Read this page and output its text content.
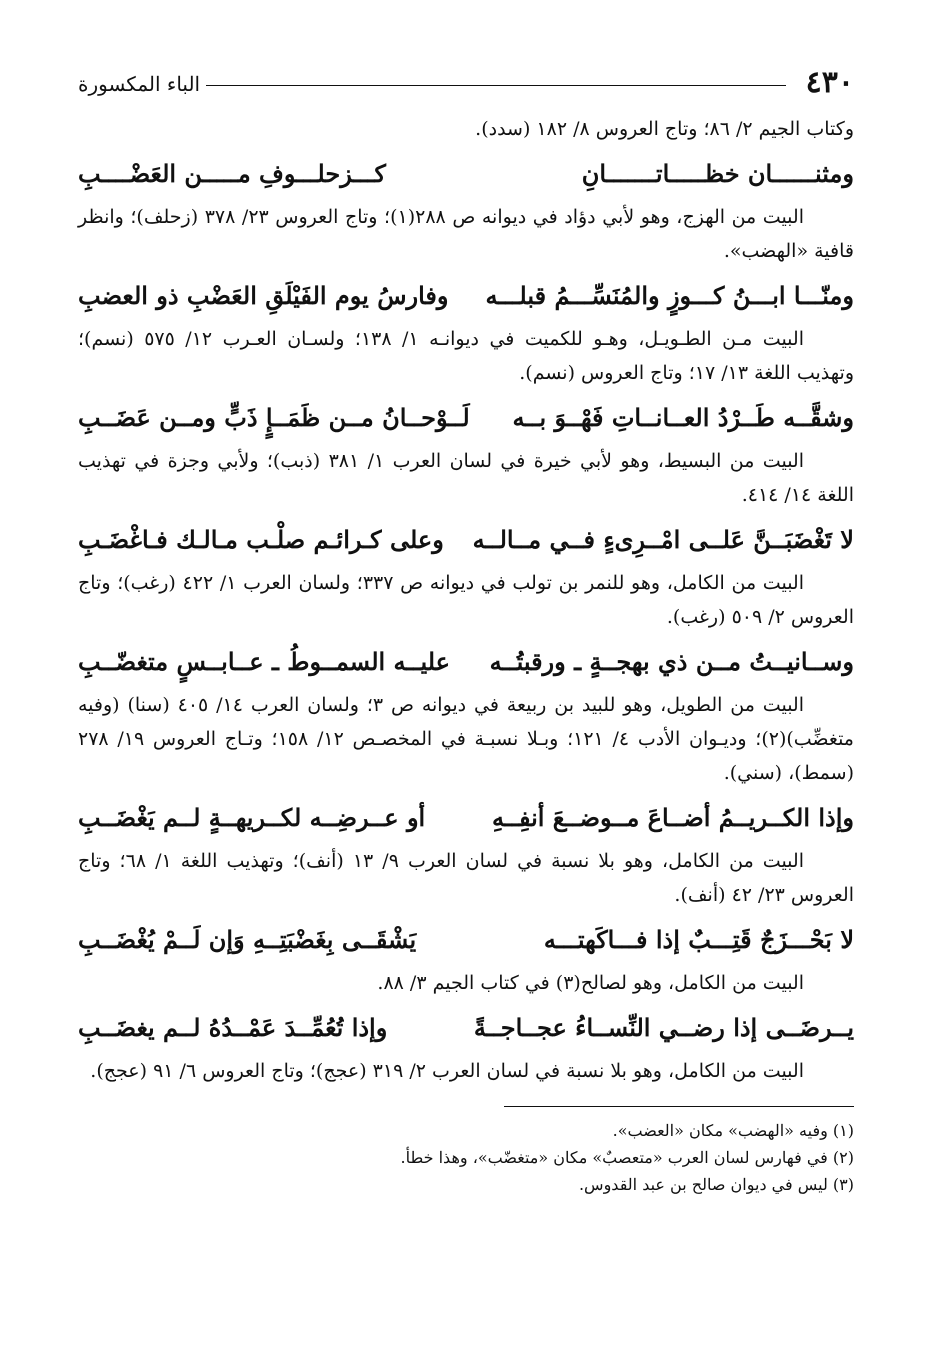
٤٣٠
الباء المكسورة

وكتاب الجيم ٢/ ٨٦؛ وتاج العروس ٨/ ١٨٢ (سدد).

ومثنــــــان خظـــــاتـــــــانِ
كـــزحلـــوفِ مـــــن العَضْــــبِ

البيت من الهزج، وهو لأبي دؤاد في ديوانه ص ٢٨٨(١)؛ وتاج العروس ٢٣/ ٣٧٨ (زحلف)؛ وانظر قافية «الهضب».

ومنّـــا ابـــنُ كـــوزٍ والمُنَسِّـــمُ قبلـــه
وفارسُ يوم الفَيْلَقِ العَضْبِ ذو العضبِ

البيت مـن الطـويـل، وهـو للكميت في ديوانـه ١/ ١٣٨؛ ولسـان العـرب ١٢/ ٥٧٥ (نسم)؛ وتهذيب اللغة ١٣/ ١٧؛ وتاج العروس (نسم).

وشقَّــه طَــرْدُ العــانــاتِ فَهْــوَ بــه
لَــوْحــانُ مــن ظَمَــإٍ ذَبٍّ ومــن عَضَــبِ

البيت من البسيط، وهو لأبي خيرة في لسان العرب ١/ ٣٨١ (ذبب)؛ ولأبي وجزة في تهذيب اللغة ١٤/ ٤١٤.

لا تَغْضَبَــنَّ عَلــى امْــرِىءٍ فــي مــالــه
وعلى كـرائـم صلْـب مـالـك فـاغْضَـبِ

البيت من الكامل، وهو للنمر بن تولب في ديوانه ص ٣٣٧؛ ولسان العرب ١/ ٤٢٢ (رغب)؛ وتاج العروس ٢/ ٥٠٩ (رغب).

وســانيــتُ مــن ذي بهجــةٍ ـ ورقبتُــه
عليــه السمــوطُ ـ عــابــسٍ متغضّــبِ

البيت من الطويل، وهو للبيد بن ربيعة في ديوانه ص ٣؛ ولسان العرب ١٤/ ٤٠٥ (سنا) (وفيه متغضِّب)(٢)؛ وديـوان الأدب ٤/ ١٢١؛ وبـلا نسبـة في المخصـص ١٢/ ١٥٨؛ وتـاج العروس ١٩/ ٢٧٨ (سمط)، (سني).

وإذا الكــريــمُ أضــاعَ مــوضــعَ أنفِــهِ
أو عــرضِــه لكــريهــةٍ لــم يَغْضَــبِ

البيت من الكامل، وهو بلا نسبة في لسان العرب ٩/ ١٣ (أنف)؛ وتهذيب اللغة ١/ ٦٨؛ وتاج العروس ٢٣/ ٤٢ (أنف).

لا بَحْـــزَجٌ قَتِـــبٌ إذا فـــاكَهتـــه
يَشْقَــى بِغَضْبَتِــهِ وَإن لَــمْ يُغْضَــبِ

البيت من الكامل، وهو لصالح(٣) في كتاب الجيم ٣/ ٨٨.

يــرضَــى إذا رضــي النِّســاءُ عجــاجــةً
وإذا تُعُمِّــدَ عَمْــدُهُ لــم يغضَــبِ

البيت من الكامل، وهو بلا نسبة في لسان العرب ٢/ ٣١٩ (عجج)؛ وتاج العروس ٦/ ٩١ (عجج).

(١) وفيه «الهضب» مكان «العضب».

(٢) في فهارس لسان العرب «متعصبٌ» مكان «متغضّب»، وهذا خطأ.

(٣) ليس في ديوان صالح بن عبد القدوس.
